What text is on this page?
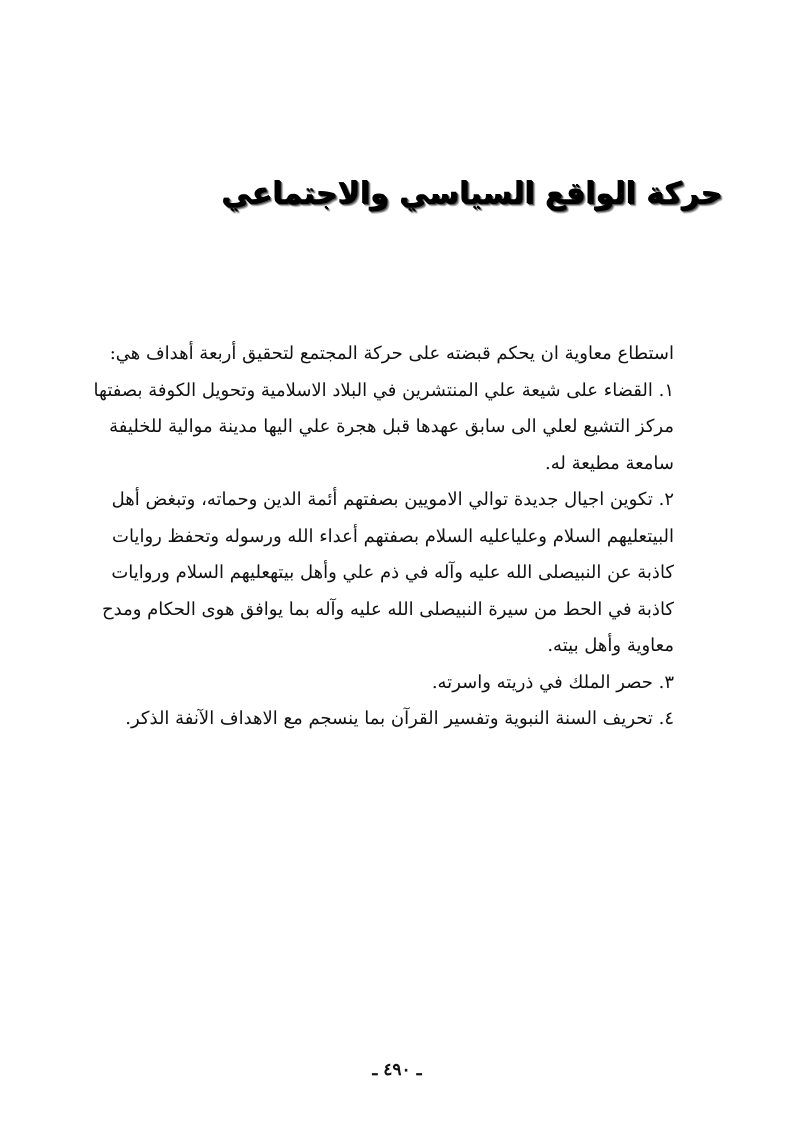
حركة الواقع السياسي والاجتماعي

استطاع معاوية ان يحكم قبضته على حركة المجتمع لتحقيق أربعة أهداف هي:

١. القضاء على شيعة علي المنتشرين في البلاد الاسلامية وتحويل الكوفة بصفتها مركز التشيع لعلي الى سابق عهدها قبل هجرة علي اليها مدينة موالية للخليفة سامعة مطيعة له.

٢. تكوين اجيال جديدة توالي الامويين بصفتهم أئمة الدين وحماته، وتبغض أهل البيتعليهم السلام وعلياعليه السلام بصفتهم أعداء الله ورسوله وتحفظ روايات كاذبة عن النبيصلى الله عليه وآله في ذم علي وأهل بيتهعليهم السلام وروايات كاذبة في الحط من سيرة النبيصلى الله عليه وآله بما يوافق هوى الحكام ومدح معاوية وأهل بيته.

٣. حصر الملك في ذريته واسرته.

٤. تحريف السنة النبوية وتفسير القرآن بما ينسجم مع الاهداف الآنفة الذكر.

ـ ٤٩٠ ـ
